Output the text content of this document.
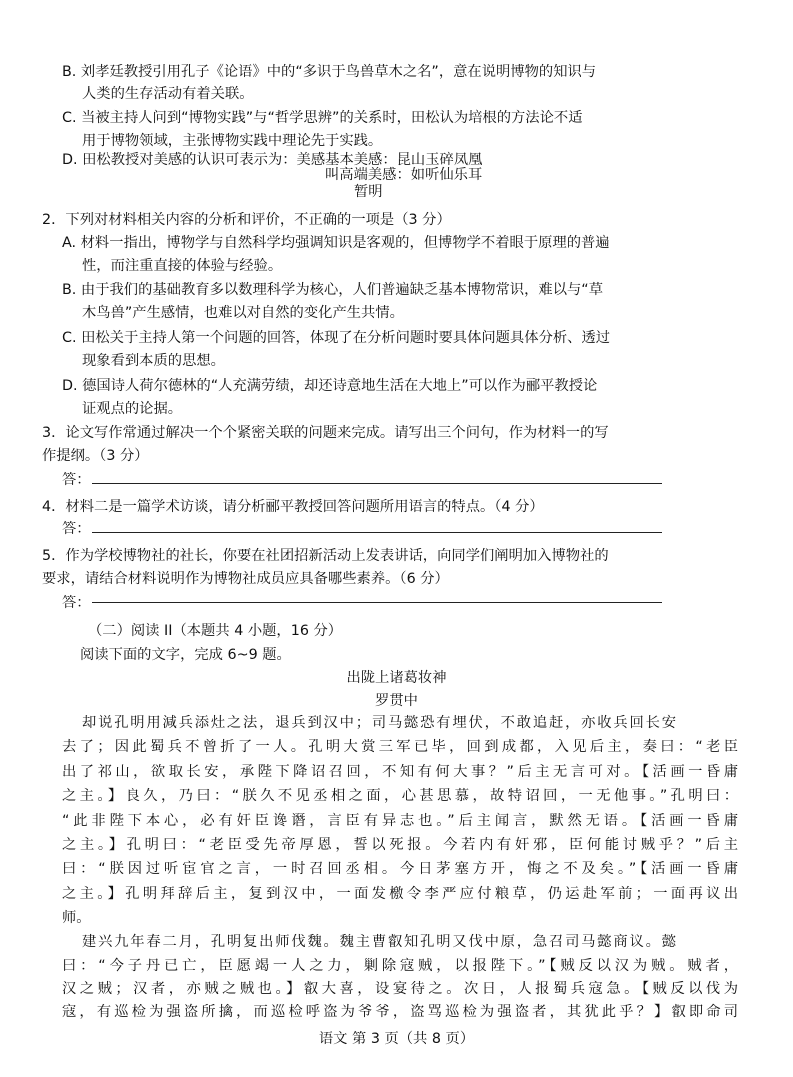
B. 刘孝廷教授引用孔子《论语》中的“多识于鸟兽草木之名”，意在说明博物的知识与
人类的生存活动有着关联。
C. 当被主持人问到“博物实践”与“哲学思辨”的关系时，田松认为培根的方法论不适
用于博物领域，主张博物实践中理论先于实践。
D. 田松教授对美感的认识可表示为：美感基本美感：昆山玉碎凤凰
叫高端美感：如听仙乐耳
暂明
2．下列对材料相关内容的分析和评价，不正确的一项是（3 分）
A. 材料一指出，博物学与自然科学均强调知识是客观的，但博物学不着眼于原理的普遍
性，而注重直接的体验与经验。
B. 由于我们的基础教育多以数理科学为核心，人们普遍缺乏基本博物常识，难以与“草
木鸟兽”产生感情，也难以对自然的变化产生共情。
C. 田松关于主持人第一个问题的回答，体现了在分析问题时要具体问题具体分析、透过
现象看到本质的思想。
D. 德国诗人荷尔德林的“人充满劳绩，却还诗意地生活在大地上”可以作为郦平教授论
证观点的论据。
3．论文写作常通过解决一个个紧密关联的问题来完成。请写出三个问句，作为材料一的写
作提纲。（3 分）
答：
4．材料二是一篇学术访谈，请分析郦平教授回答问题所用语言的特点。（4 分）
答：
5．作为学校博物社的社长，你要在社团招新活动上发表讲话，向同学们阐明加入博物社的
要求，请结合材料说明作为博物社成员应具备哪些素养。（6 分）
答：
（二）阅读 II（本题共 4 小题，16 分）
阅读下面的文字，完成 6~9 题。
出陇上诸葛妆神
罗贯中
却说孔明用減兵添灶之法，退兵到汉中；司马懿恐有埋伏，不敢追赶，亦收兵回长安
去了；因此蜀兵不曾折了一人。孔明大赏三军已毕，回到成都，入见后主，奏曰：“老臣
出了祁山，欲取长安，承陛下降诏召回，不知有何大事？”后主无言可对。【活画一昏庸
之主。】良久，乃曰：“朕久不见丞相之面，心甚思慕，故特诏回，一无他事。”孔明曰：
“此非陛下本心，必有奸臣谗谮，言臣有异志也。”后主闻言，默然无语。【活画一昏庸
之主。】孔明曰：“老臣受先帝厚恩，誓以死报。今若内有奸邪，臣何能讨贼乎？”后主
曰：“朕因过听宦官之言，一时召回丞相。今日茅塞方开，悔之不及矣。”【活画一昏庸
之主。】孔明拜辞后主，复到汉中，一面发檄令李严应付粮草，仍运赴军前；一面再议出
师。
建兴九年春二月，孔明复出师伐魏。魏主曹叡知孔明又伐中原，急召司马懿商议。懿
曰：“今子丹已亡，臣愿竭一人之力，剿除寇贼，以报陛下。”【贼反以汉为贼。贼者，
汉之贼；汉者，亦贼之贼也。】叡大喜，设宴待之。次日，人报蜀兵寇急。【贼反以伐为
寇，有巡检为强盗所擒，而巡检呼盗为爷爷，盗骂巡检为强盗者，其犹此乎？】叡即命司
语文 第 3 页（共 8 页）
